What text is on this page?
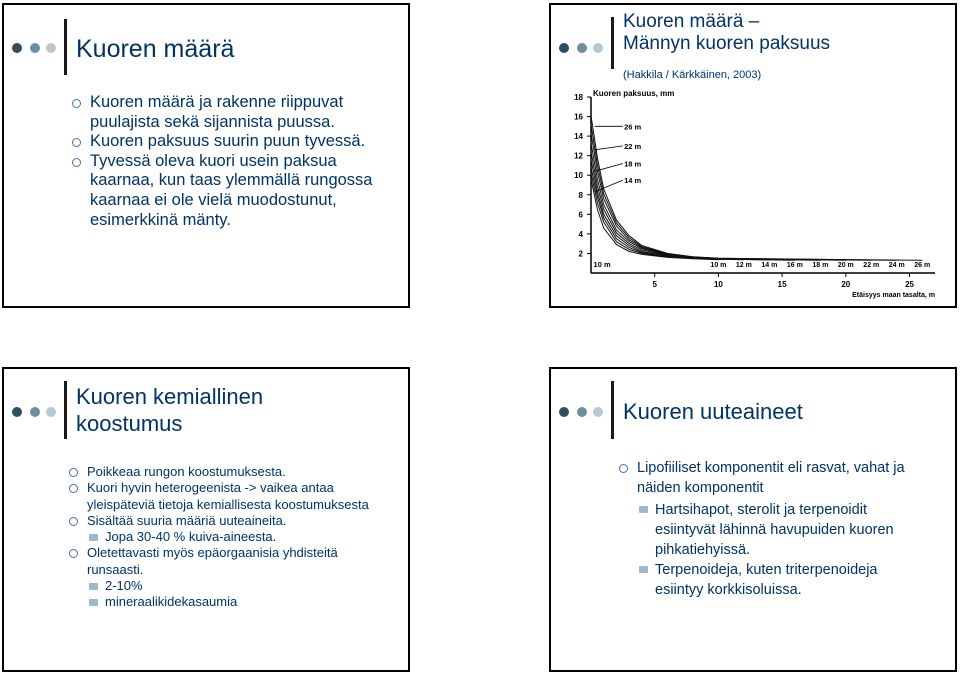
Kuoren määrä
Kuoren määrä ja rakenne riippuvat puulajista sekä sijannista puussa.
Kuoren paksuus suurin puun tyvessä.
Tyvessä oleva kuori usein paksua kaarnaa, kun taas ylemmällä rungossa kaarnaa ei ole vielä muodostunut, esimerkkinä mänty.
Kuoren määrä –
Männyn kuoren paksuus
(Hakkila / Kärkkäinen, 2003)
Kuoren paksuus, mm
18
16
14
12
10
8
6
4
2
5	10	15	20	25
Etäisyys maan tasalta, m
26 m
22 m
18 m
14 m
10 m	10 m 12 m 14 m 16 m 18 m 20 m 22 m 24 m 26 m
Kuoren kemiallinen
koostumus
Poikkeaa rungon koostumuksesta.
Kuori hyvin heterogeenista -> vaikea antaa yleispäteviä tietoja kemiallisesta koostumuksesta
Sisältää suuria määriä uuteaineita.
Jopa 30-40 % kuiva-aineesta.
Oletettavasti myös epäorgaanisia yhdisteitä runsaasti.
2-10%
mineraalikidekasaumia
Kuoren uuteaineet
Lipofiiliset komponentit eli rasvat, vahat ja näiden komponentit
Hartsihapot, sterolit ja terpenoidit esiintyvät lähinnä havupuiden kuoren pihkatiehyissä.
Terpenoideja, kuten triterpenoideja esiintyy korkkisoluissa.
